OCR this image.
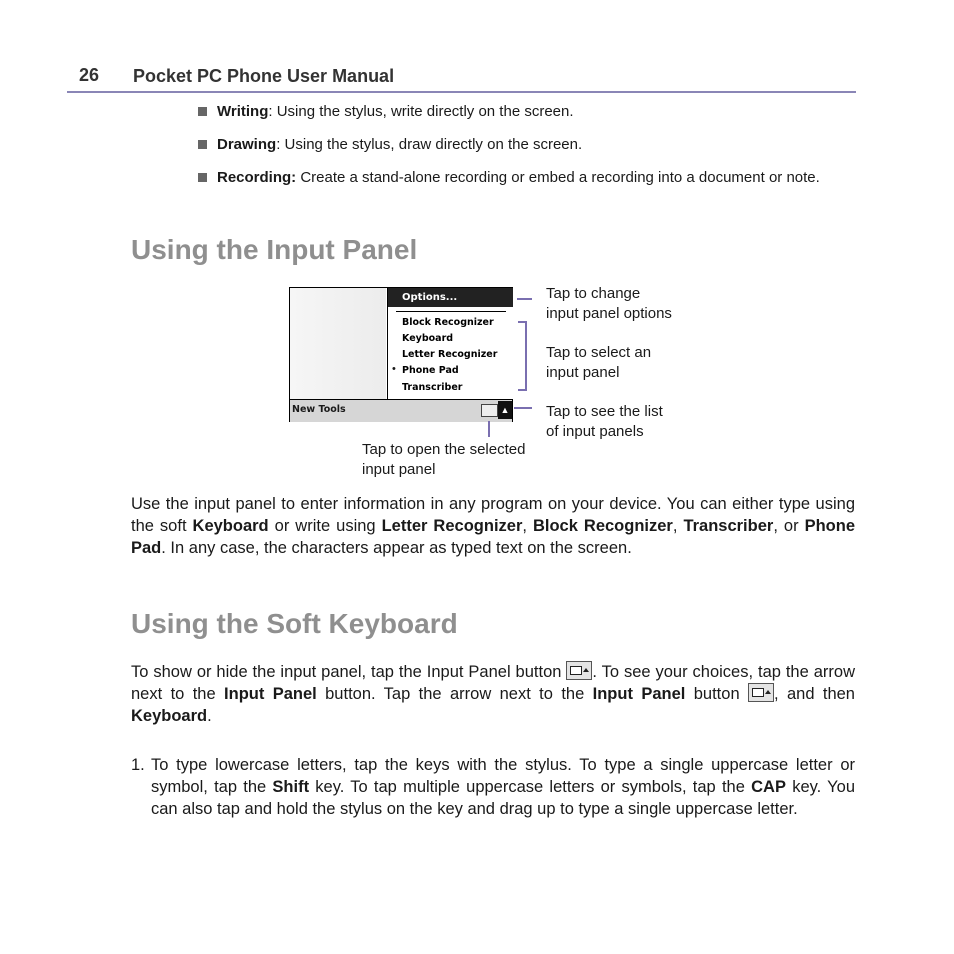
26 Pocket PC Phone User Manual
Writing: Using the stylus, write directly on the screen.
Drawing: Using the stylus, draw directly on the screen.
Recording: Create a stand-alone recording or embed a recording into a document or note.
Using the Input Panel
Options...
Block Recognizer
Keyboard
Letter Recognizer
• Phone Pad
Transcriber
New Tools	▲
Tap to change
input panel options
Tap to select an
input panel
Tap to see the list
of input panels
Tap to open the selected
input panel
Use the input panel to enter information in any program on your device. You can either type using the soft Keyboard or write using Letter Recognizer, Block Recognizer, Transcriber, or Phone Pad. In any case, the characters appear as typed text on the screen.
Using the Soft Keyboard
To show or hide the input panel, tap the Input Panel button . To see your choices, tap the arrow next to the Input Panel button. Tap the arrow next to the Input Panel button , and then Keyboard.
1. To type lowercase letters, tap the keys with the stylus. To type a single uppercase letter or symbol, tap the Shift key. To tap multiple uppercase letters or symbols, tap the CAP key. You can also tap and hold the stylus on the key and drag up to type a single uppercase letter.
